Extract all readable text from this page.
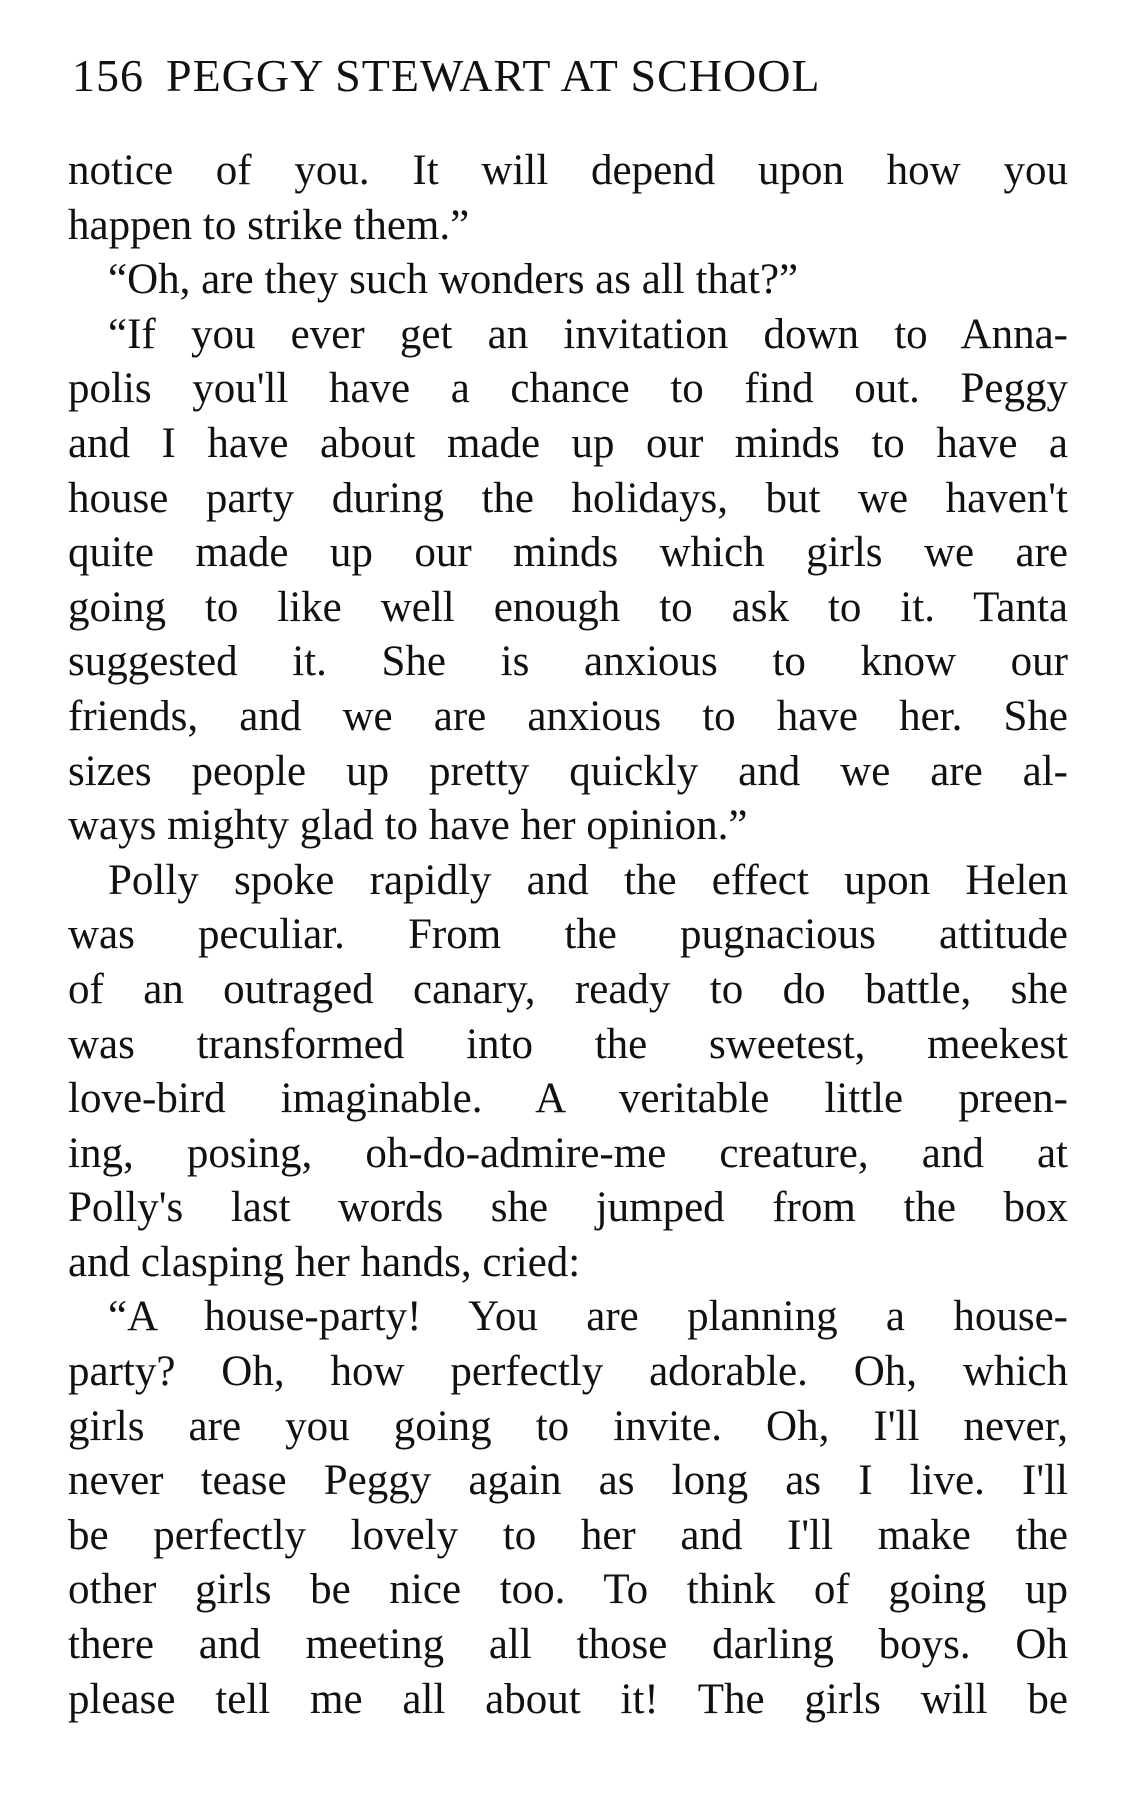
156 PEGGY STEWART AT SCHOOL
notice of you. It will depend upon how you
happen to strike them.”
“Oh, are they such wonders as all that?”
“If you ever get an invitation down to Anna-
polis you'll have a chance to find out. Peggy
and I have about made up our minds to have a
house party during the holidays, but we haven't
quite made up our minds which girls we are
going to like well enough to ask to it. Tanta
suggested it. She is anxious to know our
friends, and we are anxious to have her. She
sizes people up pretty quickly and we are al-
ways mighty glad to have her opinion.”
Polly spoke rapidly and the effect upon Helen
was peculiar. From the pugnacious attitude
of an outraged canary, ready to do battle, she
was transformed into the sweetest, meekest
love-bird imaginable. A veritable little preen-
ing, posing, oh-do-admire-me creature, and at
Polly's last words she jumped from the box
and clasping her hands, cried:
“A house-party! You are planning a house-
party? Oh, how perfectly adorable. Oh, which
girls are you going to invite. Oh, I'll never,
never tease Peggy again as long as I live. I'll
be perfectly lovely to her and I'll make the
other girls be nice too. To think of going up
there and meeting all those darling boys. Oh
please tell me all about it! The girls will be
